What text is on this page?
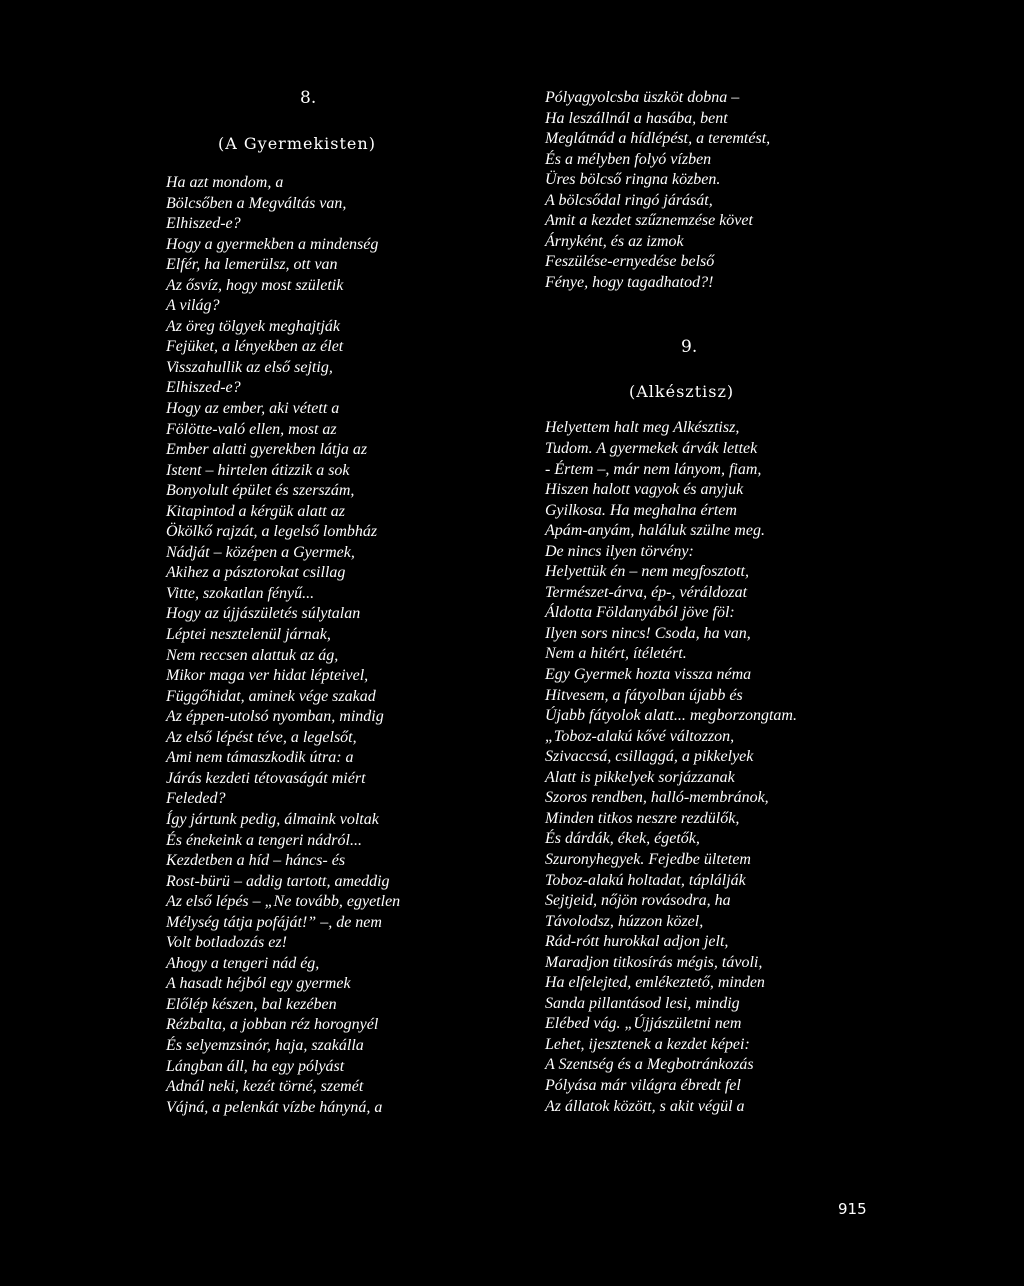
8.

(A Gyermekisten)

Ha azt mondom, a
Bölcsőben a Megváltás van,
Elhiszed-e?
Hogy a gyermekben a mindenség
Elfér, ha lemerülsz, ott van
Az ősvíz, hogy most születik
A világ?
Az öreg tölgyek meghajtják
Fejüket, a lényekben az élet
Visszahullik az első sejtig,
Elhiszed-e?
Hogy az ember, aki vétett a
Fölötte-való ellen, most az
Ember alatti gyerekben látja az
Istent – hirtelen átizzik a sok
Bonyolult épület és szerszám,
Kitapintod a kérgük alatt az
Ökölkő rajzát, a legelső lombház
Nádját – középen a Gyermek,
Akihez a pásztorokat csillag
Vitte, szokatlan fényű...
Hogy az újjászületés súlytalan
Léptei nesztelenül járnak,
Nem reccsen alattuk az ág,
Mikor maga ver hidat lépteivel,
Függőhidat, aminek vége szakad
Az éppen-utolsó nyomban, mindig
Az első lépést téve, a legelsőt,
Ami nem támaszkodik útra: a
Járás kezdeti tétovaságát miért
Feleded?
Így jártunk pedig, álmaink voltak
És énekeink a tengeri nádról...
Kezdetben a híd – háncs- és
Rost-bürü – addig tartott, ameddig
Az első lépés – „Ne tovább, egyetlen
Mélység tátja pofáját!” –, de nem
Volt botladozás ez!
Ahogy a tengeri nád ég,
A hasadt héjból egy gyermek
Előlép készen, bal kezében
Rézbalta, a jobban réz horognyél
És selyemzsinór, haja, szakálla
Lángban áll, ha egy pólyást
Adnál neki, kezét törné, szemét
Vájná, a pelenkát vízbe hányná, a
Pólyagyolcsba üszköt dobna –
Ha leszállnál a hasába, bent
Meglátnád a hídlépést, a teremtést,
És a mélyben folyó vízben
Üres bölcső ringna közben.
A bölcsődal ringó járását,
Amit a kezdet szűznemzése követ
Árnyként, és az izmok
Feszülése-ernyedése belső
Fénye, hogy tagadhatod?!

9.

(Alkésztisz)

Helyettem halt meg Alkésztisz,
Tudom. A gyermekek árvák lettek
- Értem –, már nem lányom, fiam,
Hiszen halott vagyok és anyjuk
Gyilkosa. Ha meghalna értem
Apám-anyám, haláluk szülne meg.
De nincs ilyen törvény:
Helyettük én – nem megfosztott,
Természet-árva, ép-, véráldozat
Áldotta Földanyából jöve föl:
Ilyen sors nincs! Csoda, ha van,
Nem a hitért, ítéletért.
Egy Gyermek hozta vissza néma
Hitvesem, a fátyolban újabb és
Újabb fátyolok alatt... megborzongtam.
„Toboz-alakú kővé változzon,
Szivaccsá, csillaggá, a pikkelyek
Alatt is pikkelyek sorjázzanak
Szoros rendben, halló-membránok,
Minden titkos neszre rezdülők,
És dárdák, ékek, égetők,
Szuronyhegyek. Fejedbe ültetem
Toboz-alakú holtadat, táplálják
Sejtjeid, nőjön rovásodra, ha
Távolodsz, húzzon közel,
Rád-rótt hurokkal adjon jelt,
Maradjon titkosírás mégis, távoli,
Ha elfelejted, emlékeztető, minden
Sanda pillantásod lesi, mindig
Elébed vág. „Újjászületni nem
Lehet, ijesztenek a kezdet képei:
A Szentség és a Megbotránkozás
Pólyása már világra ébredt fel
Az állatok között, s akit végül a
915
